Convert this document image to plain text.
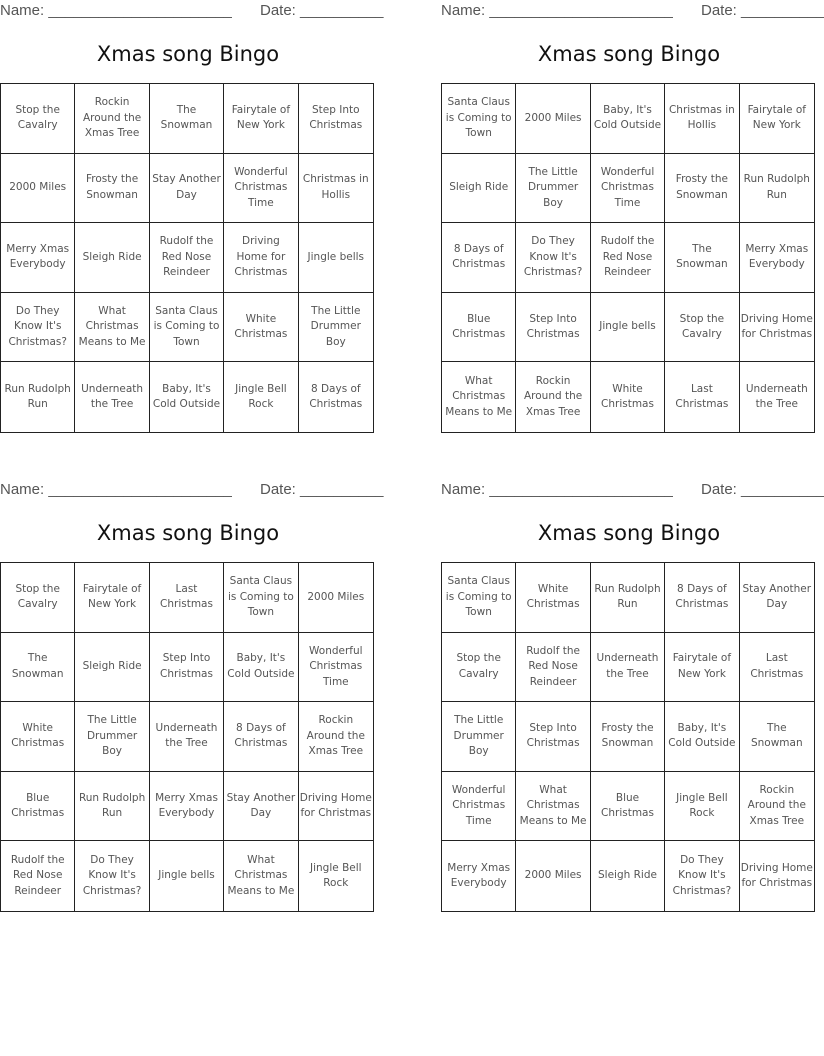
Name: ______________________ Date: __________
Xmas song Bingo
Stop the Cavalry
Rockin Around the Xmas Tree
The Snowman
Fairytale of New York
Step Into Christmas
2000 Miles
Frosty the Snowman
Stay Another Day
Wonderful Christmas Time
Christmas in Hollis
Merry Xmas Everybody
Sleigh Ride
Rudolf the Red Nose Reindeer
Driving Home for Christmas
Jingle bells
Do They Know It's Christmas?
What Christmas Means to Me
Santa Claus is Coming to Town
White Christmas
The Little Drummer Boy
Run Rudolph Run
Underneath the Tree
Baby, It's Cold Outside
Jingle Bell Rock
8 Days of Christmas
Name: ______________________ Date: __________
Xmas song Bingo
Santa Claus is Coming to Town
2000 Miles
Baby, It's Cold Outside
Christmas in Hollis
Fairytale of New York
Sleigh Ride
The Little Drummer Boy
Wonderful Christmas Time
Frosty the Snowman
Run Rudolph Run
8 Days of Christmas
Do They Know It's Christmas?
Rudolf the Red Nose Reindeer
The Snowman
Merry Xmas Everybody
Blue Christmas
Step Into Christmas
Jingle bells
Stop the Cavalry
Driving Home for Christmas
What Christmas Means to Me
Rockin Around the Xmas Tree
White Christmas
Last Christmas
Underneath the Tree
Name: ______________________ Date: __________
Xmas song Bingo
Stop the Cavalry
Fairytale of New York
Last Christmas
Santa Claus is Coming to Town
2000 Miles
The Snowman
Sleigh Ride
Step Into Christmas
Baby, It's Cold Outside
Wonderful Christmas Time
White Christmas
The Little Drummer Boy
Underneath the Tree
8 Days of Christmas
Rockin Around the Xmas Tree
Blue Christmas
Run Rudolph Run
Merry Xmas Everybody
Stay Another Day
Driving Home for Christmas
Rudolf the Red Nose Reindeer
Do They Know It's Christmas?
Jingle bells
What Christmas Means to Me
Jingle Bell Rock
Name: ______________________ Date: __________
Xmas song Bingo
Santa Claus is Coming to Town
White Christmas
Run Rudolph Run
8 Days of Christmas
Stay Another Day
Stop the Cavalry
Rudolf the Red Nose Reindeer
Underneath the Tree
Fairytale of New York
Last Christmas
The Little Drummer Boy
Step Into Christmas
Frosty the Snowman
Baby, It's Cold Outside
The Snowman
Wonderful Christmas Time
What Christmas Means to Me
Blue Christmas
Jingle Bell Rock
Rockin Around the Xmas Tree
Merry Xmas Everybody
2000 Miles	Sleigh Ride
Do They Know It's Christmas?
Driving Home for Christmas
